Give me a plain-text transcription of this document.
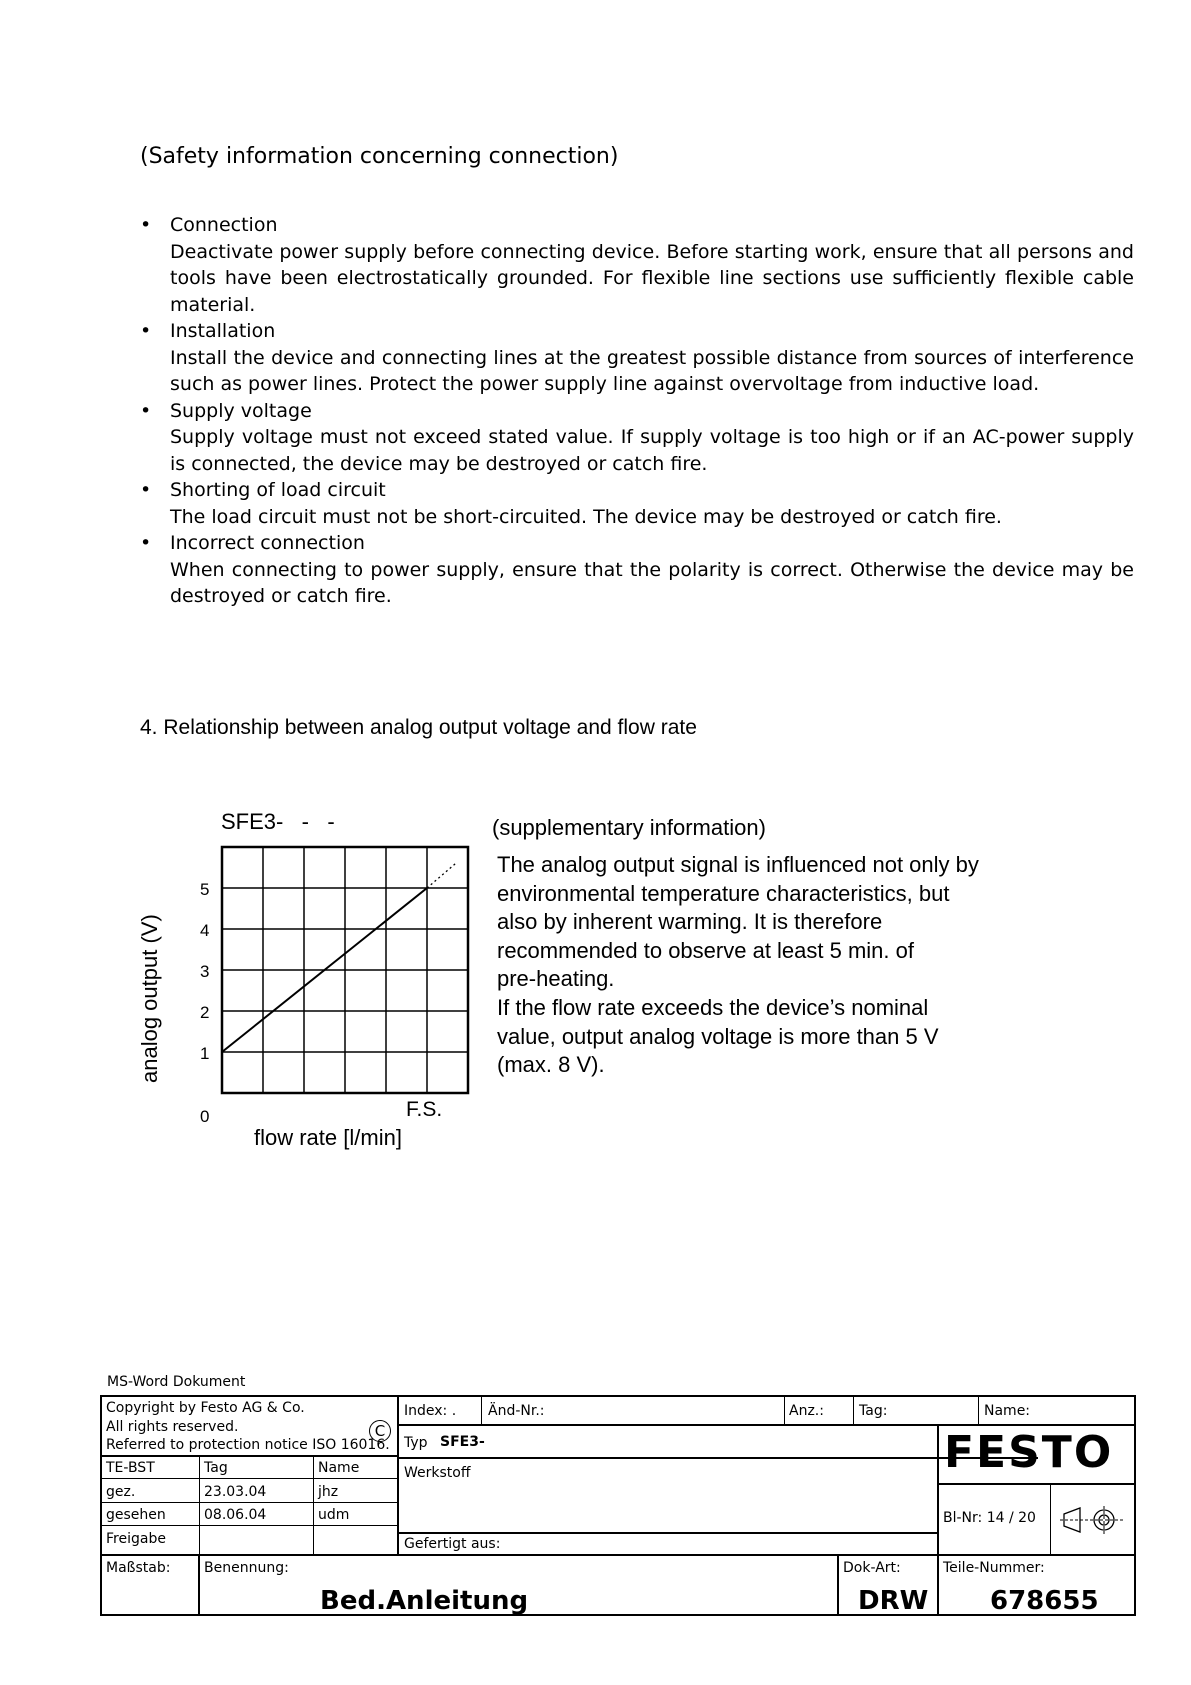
(Safety information concerning connection)
• Connection
Deactivate power supply before connecting device. Before starting work, ensure that all persons and tools have been electrostatically grounded. For flexible line sections use sufficiently flexible cable material.
• Installation
Install the device and connecting lines at the greatest possible distance from sources of interference such as power lines. Protect the power supply line against overvoltage from inductive load.
• Supply voltage
Supply voltage must not exceed stated value. If supply voltage is too high or if an AC-power supply is connected, the device may be destroyed or catch fire.
• Shorting of load circuit
The load circuit must not be short-circuited. The device may be destroyed or catch fire.
• Incorrect connection
When connecting to power supply, ensure that the polarity is correct. Otherwise the device may be destroyed or catch fire.
4. Relationship between analog output voltage and flow rate
SFE3-   -   -
flow rate [l/min]
F.S.
analog output (V)
0
1
2
3
4
5
(supplementary information)
The analog output signal is influenced not only by
environmental temperature characteristics, but
also by inherent warming. It is therefore
recommended to observe at least 5 min. of
pre-heating.
If the flow rate exceeds the device’s nominal
value, output analog voltage is more than 5 V
(max. 8 V).
MS-Word Dokument
Copyright by Festo AG & Co.
All rights reserved.
Referred to protection notice ISO 16016.
C
Index: . Änd-Nr.:	Anz.:	Tag:	Name:
Typ SFE3-
Werkstoff
Gefertigt aus:
TE-BST	Tag	Name
gez.	23.03.04	jhz
gesehen	08.06.04	udm
Freigabe
Maßstab: Benennung:
Bed.Anleitung
Dok-Art:
DRW
Teile-Nummer:
678655
FESTO
Bl-Nr: 14 / 20
